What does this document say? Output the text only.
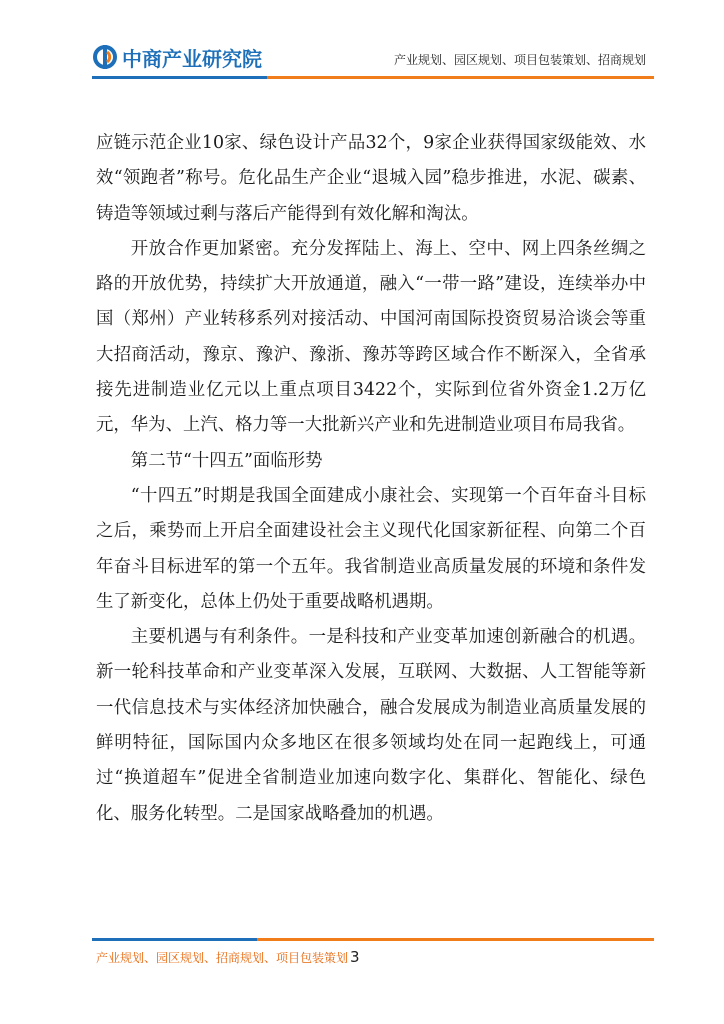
中商产业研究院	产业规划、园区规划、项目包装策划、招商规划

应链示范企业10家、绿色设计产品32个，9家企业获得国家级能效、水效“领跑者”称号。危化品生产企业“退城入园”稳步推进，水泥、碳素、铸造等领域过剩与落后产能得到有效化解和淘汰。

开放合作更加紧密。充分发挥陆上、海上、空中、网上四条丝绸之路的开放优势，持续扩大开放通道，融入“一带一路”建设，连续举办中国（郑州）产业转移系列对接活动、中国河南国际投资贸易洽谈会等重大招商活动，豫京、豫沪、豫浙、豫苏等跨区域合作不断深入，全省承接先进制造业亿元以上重点项目3422个，实际到位省外资金1.2万亿元，华为、上汽、格力等一大批新兴产业和先进制造业项目布局我省。

第二节“十四五”面临形势

“十四五”时期是我国全面建成小康社会、实现第一个百年奋斗目标之后，乘势而上开启全面建设社会主义现代化国家新征程、向第二个百年奋斗目标进军的第一个五年。我省制造业高质量发展的环境和条件发生了新变化，总体上仍处于重要战略机遇期。

主要机遇与有利条件。一是科技和产业变革加速创新融合的机遇。新一轮科技革命和产业变革深入发展，互联网、大数据、人工智能等新一代信息技术与实体经济加快融合，融合发展成为制造业高质量发展的鲜明特征，国际国内众多地区在很多领域均处在同一起跑线上，可通过“换道超车”促进全省制造业加速向数字化、集群化、智能化、绿色化、服务化转型。二是国家战略叠加的机遇。

产业规划、园区规划、招商规划、项目包装策划 3
